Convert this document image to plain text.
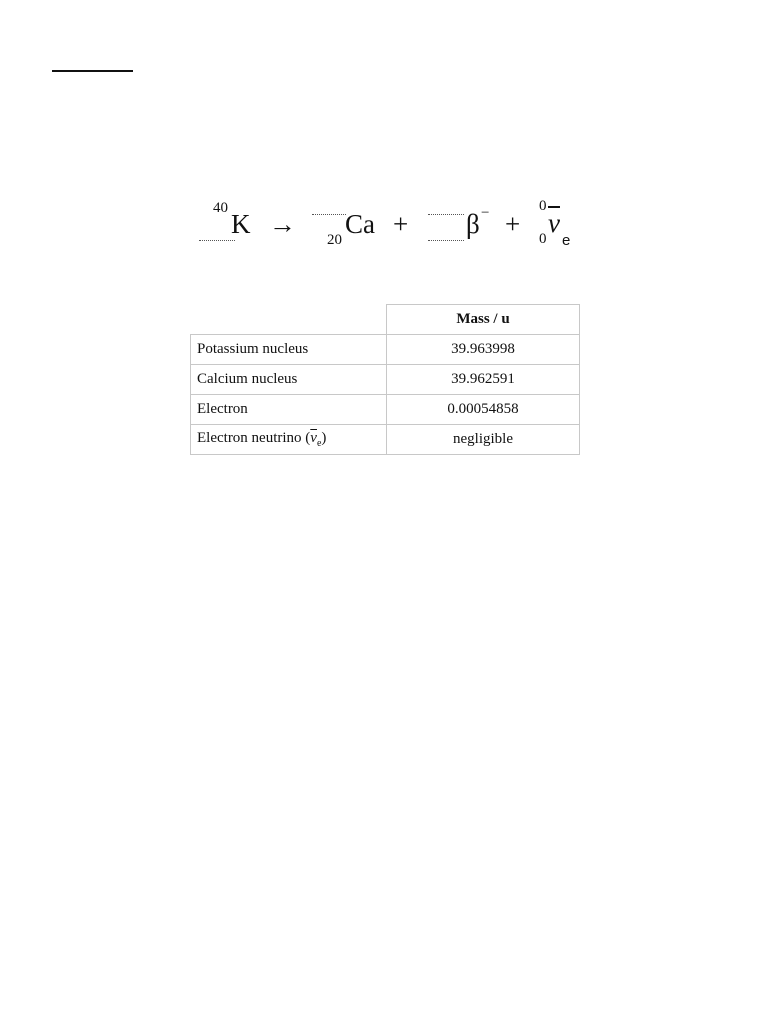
40
K →
20
Ca + β − +
0
0
$\overline{v}$
e
	Mass / u
Potassium nucleus	39.963998
Calcium nucleus	39.962591
Electron	0.00054858
Electron neutrino $(\overline{v}_e)$	negligible
